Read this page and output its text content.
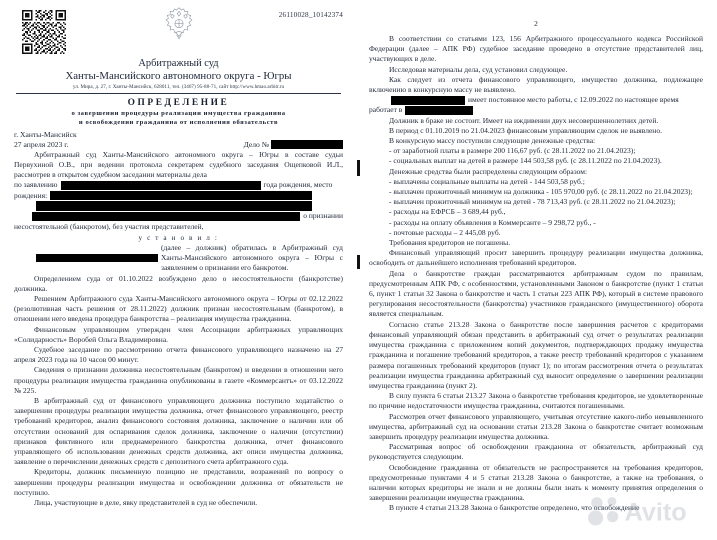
26110028_10142374
Арбитражный суд
Ханты-Мансийского автономного округа - Югры
ул. Мира, д. 27, г. Ханты-Мансийск, 628011, тел. (3467) 95-88-71, сайт http://www.hmao.arbitr.ru
ОПРЕДЕЛЕНИЕ
о завершении процедуры реализации имущества гражданина
и освобождении гражданина от исполнения обязательств
г. Ханты-Мансийск
27 апреля 2023 г.	Дело №

Арбитражный суд Ханты-Мансийского автономного округа – Югры в составе судьи Первухиной О.В., при ведении протокола секретарем судебного заседания Ощепковой И.Л., рассмотрев в открытом судебном заседании материалы дела

по заявлению	года рождения, место
рождения:
о признании

несостоятельной (банкротом), без участия представителей,

у с т а н о в и л :

(далее – должник) обратилась в Арбитражный суд Ханты-Мансийского автономного округа – Югры с заявлением о признании его банкротом.

Определением суда от 01.10.2022 возбуждено дело о несостоятельности (банкротстве) должника.

Решением Арбитражного суда Ханты-Мансийского автономного округа – Югры от 02.12.2022 (резолютивная часть решения от 28.11.2022) должник признан несостоятельным (банкротом), в отношении него введена процедура банкротства – реализация имущества гражданина.

Финансовым управляющим утвержден член Ассоциации арбитражных управляющих «Солидарность» Воробей Ольга Владимировна.

Судебное заседание по рассмотрению отчета финансового управляющего назначено на 27 апреля 2023 года на 10 часов 00 минут.

Сведения о признании должника несостоятельным (банкротом) и введении в отношении него процедуры реализации имущества гражданина опубликованы в газете «Коммерсантъ» от 03.12.2022 № 225.

В арбитражный суд от финансового управляющего должника поступило ходатайство о завершении процедуры реализации имущества должника, отчет финансового управляющего, реестр требований кредиторов, анализ финансового состояния должника, заключение о наличии или об отсутствии оснований для оспаривания сделок должника, заключение о наличии (отсутствии) признаков фиктивного или преднамеренного банкротства должника, отчет финансового управляющего об использовании денежных средств должника, акт описи имущества должника, заявление о перечислении денежных средств с депозитного счета арбитражного суда.

Кредиторы, должник письменную позицию не представили, возражений по вопросу о завершении процедуры реализации имущества и освобождении должника от обязательств не поступило.

Лица, участвующие в деле, явку представителей в суд не обеспечили.

2

В соответствии со статьями 123, 156 Арбитражного процессуального кодекса Российской Федерации (далее – АПК РФ) судебное заседание проведено в отсутствие представителей лиц, участвующих в деле.

Исследовав материалы дела, суд установил следующее.

Как следует из отчета финансового управляющего, имущество должника, подлежащее включению в конкурсную массу не выявлено.

имеет постоянное место работы, с 12.09.2022 по настоящее время
работает в

Должник в браке не состоит. Имеет на иждивении двух несовершеннолетних детей.

В период с 01.10.2019 по 21.04.2023 финансовым управляющим сделок не выявлено.

В конкурсную массу поступили следующие денежные средства:

- от заработной платы в размере 200 116,67 руб. (с 28.11.2022 по 21.04.2023);

- социальных выплат на детей в размере 144 503,58 руб. (с 28.11.2022 по 21.04.2023).

Денежные средства были распределены следующим образом:

- выплачены социальные выплаты на детей - 144 503,58 руб.;

- выплачен прожиточный минимум на должника - 105 970,00 руб. (с 28.11.2022 по 21.04.2023);

- выплачен прожиточный минимум на детей - 78 713,43 руб. (с 28.11.2022 по 21.04.2023);

- расходы на ЕФРСБ – 3 689,44 руб.,

- расходы на оплату объявления в Коммерсанте – 9 298,72 руб., -

- почтовые расходы – 2 445,08 руб.

Требования кредиторов не погашены.

Финансовый управляющий просит завершить процедуру реализации имущества должника, освободить от дальнейшего исполнения требований кредиторов.

Дела о банкротстве граждан рассматриваются арбитражным судом по правилам, предусмотренным АПК РФ, с особенностями, установленными Законом о банкротстве (пункт 1 статьи 6, пункт 1 статьи 32 Закона о банкротстве и часть 1 статьи 223 АПК РФ), который в системе правового регулирования несостоятельности (банкротства) участников гражданского (имущественного) оборота является специальным.

Согласно статье 213.28 Закона о банкротстве после завершения расчетов с кредиторами финансовый управляющий обязан представить в арбитражный суд отчет о результатах реализации имущества гражданина с приложением копий документов, подтверждающих продажу имущества гражданина и погашение требований кредиторов, а также реестр требований кредиторов с указанием размера погашенных требований кредиторов (пункт 1); по итогам рассмотрения отчета о результатах реализации имущества гражданина арбитражный суд выносит определение о завершении реализации имущества гражданина (пункт 2).

В силу пункта 6 статьи 213.27 Закона о банкротстве требования кредиторов, не удовлетворенные по причине недостаточности имущества гражданина, считаются погашенными.

Рассмотрев отчет финансового управляющего, учитывая отсутствие какого-либо невыявленного имущества, арбитражный суд на основании статьи 213.28 Закона о банкротстве считает возможным завершить процедуру реализации имущества должника.

Рассматривая вопрос об освобождении гражданина от обязательств, арбитражный суд руководствуется следующим.

Освобождение гражданина от обязательств не распространяется на требования кредиторов, предусмотренные пунктами 4 и 5 статьи 213.28 Закона о банкротстве, а также на требования, о наличии которых кредиторы не знали и не должны были знать к моменту принятия определения о завершении реализации имущества гражданина.

В пункте 4 статьи 213.28 Закона о банкротстве определено, что освобождение

Avito
